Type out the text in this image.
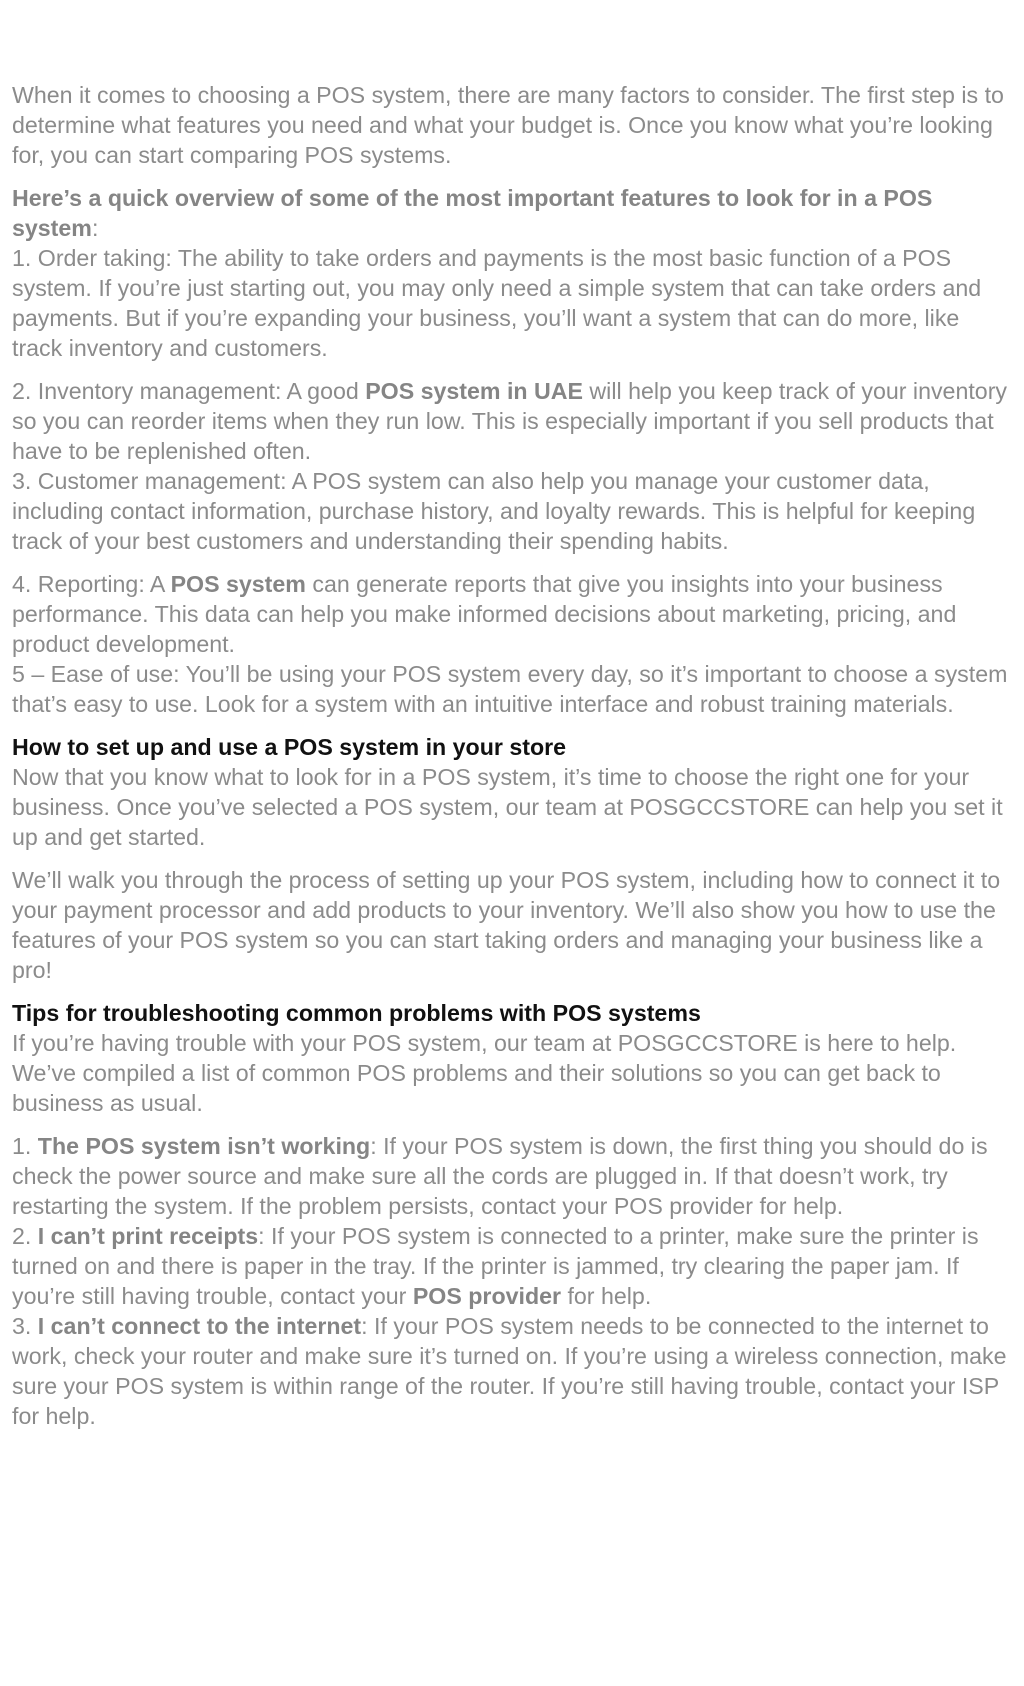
When it comes to choosing a POS system, there are many factors to consider. The first step is to determine what features you need and what your budget is. Once you know what you’re looking for, you can start comparing POS systems.

Here’s a quick overview of some of the most important features to look for in a POS system:

1. Order taking: The ability to take orders and payments is the most basic function of a POS system. If you’re just starting out, you may only need a simple system that can take orders and payments. But if you’re expanding your business, you’ll want a system that can do more, like track inventory and customers.

2. Inventory management: A good POS system in UAE will help you keep track of your inventory so you can reorder items when they run low. This is especially important if you sell products that have to be replenished often.

3. Customer management: A POS system can also help you manage your customer data, including contact information, purchase history, and loyalty rewards. This is helpful for keeping track of your best customers and understanding their spending habits.

4. Reporting: A POS system can generate reports that give you insights into your business performance. This data can help you make informed decisions about marketing, pricing, and product development.

5 – Ease of use: You’ll be using your POS system every day, so it’s important to choose a system that’s easy to use. Look for a system with an intuitive interface and robust training materials.

How to set up and use a POS system in your store

Now that you know what to look for in a POS system, it’s time to choose the right one for your business. Once you’ve selected a POS system, our team at POSGCCSTORE can help you set it up and get started.

We’ll walk you through the process of setting up your POS system, including how to connect it to your payment processor and add products to your inventory. We’ll also show you how to use the features of your POS system so you can start taking orders and managing your business like a pro!

Tips for troubleshooting common problems with POS systems

If you’re having trouble with your POS system, our team at POSGCCSTORE is here to help. We’ve compiled a list of common POS problems and their solutions so you can get back to business as usual.

1. The POS system isn’t working: If your POS system is down, the first thing you should do is check the power source and make sure all the cords are plugged in. If that doesn’t work, try restarting the system. If the problem persists, contact your POS provider for help.

2. I can’t print receipts: If your POS system is connected to a printer, make sure the printer is turned on and there is paper in the tray. If the printer is jammed, try clearing the paper jam. If you’re still having trouble, contact your POS provider for help.

3. I can’t connect to the internet: If your POS system needs to be connected to the internet to work, check your router and make sure it’s turned on. If you’re using a wireless connection, make sure your POS system is within range of the router. If you’re still having trouble, contact your ISP for help.
